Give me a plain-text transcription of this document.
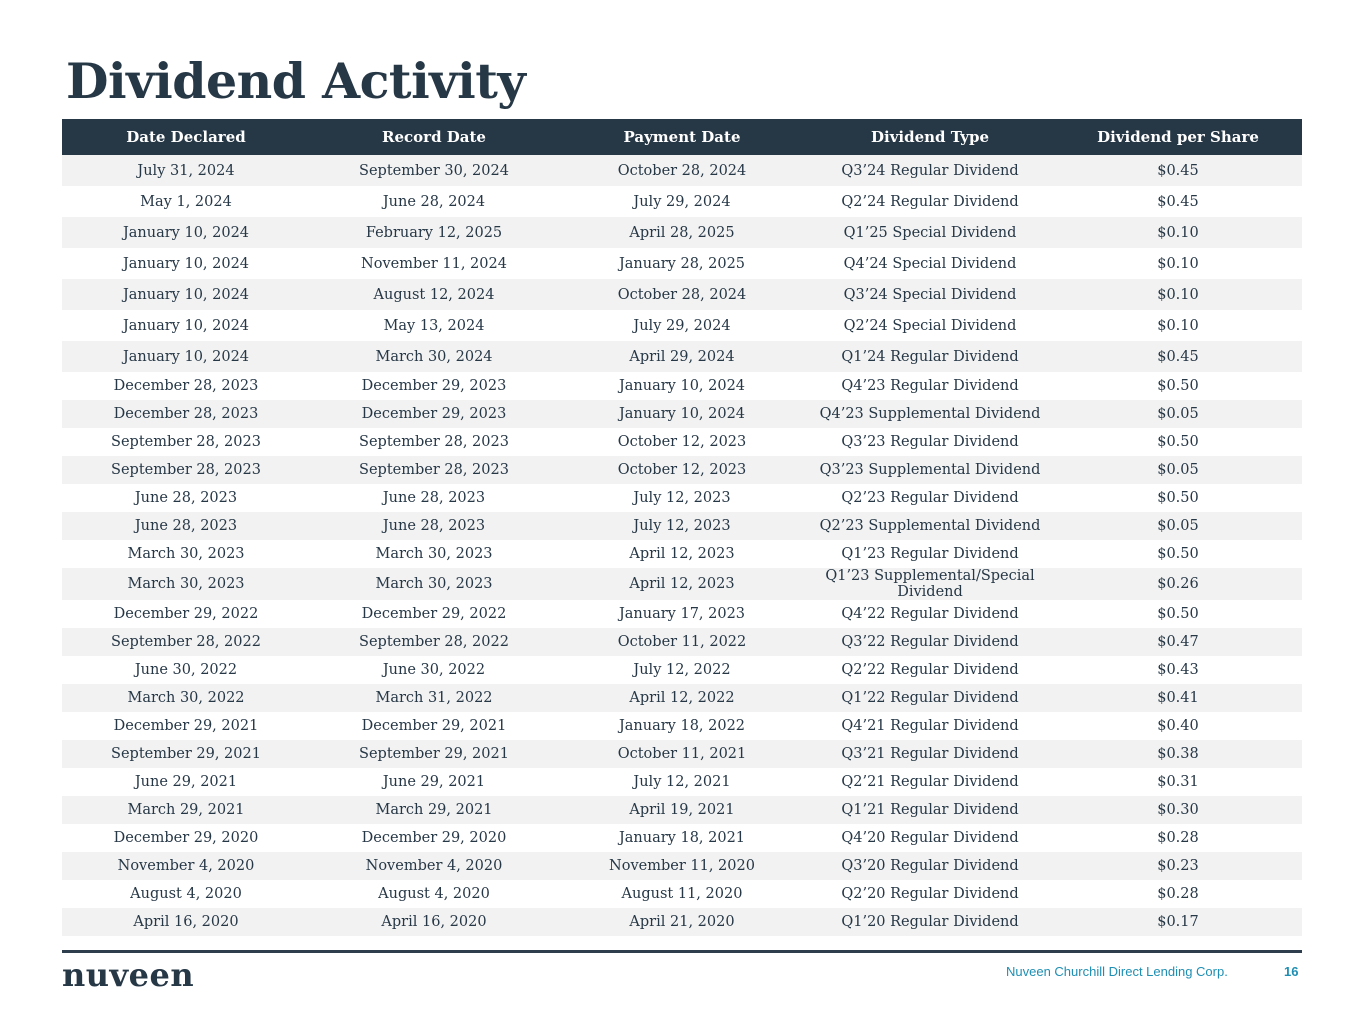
Dividend Activity
Date Declared	Record Date	Payment Date	Dividend Type	Dividend per Share
July 31, 2024	September 30, 2024	October 28, 2024	Q3’24 Regular Dividend	$0.45
May 1, 2024	June 28, 2024	July 29, 2024	Q2’24 Regular Dividend	$0.45
January 10, 2024	February 12, 2025	April 28, 2025	Q1’25 Special Dividend	$0.10
January 10, 2024	November 11, 2024	January 28, 2025	Q4’24 Special Dividend	$0.10
January 10, 2024	August 12, 2024	October 28, 2024	Q3’24 Special Dividend	$0.10
January 10, 2024	May 13, 2024	July 29, 2024	Q2’24 Special Dividend	$0.10
January 10, 2024	March 30, 2024	April 29, 2024	Q1’24 Regular Dividend	$0.45
December 28, 2023	December 29, 2023	January 10, 2024	Q4’23 Regular Dividend	$0.50
December 28, 2023	December 29, 2023	January 10, 2024	Q4’23 Supplemental Dividend	$0.05
September 28, 2023	September 28, 2023	October 12, 2023	Q3’23 Regular Dividend	$0.50
September 28, 2023	September 28, 2023	October 12, 2023	Q3’23 Supplemental Dividend	$0.05
June 28, 2023	June 28, 2023	July 12, 2023	Q2’23 Regular Dividend	$0.50
June 28, 2023	June 28, 2023	July 12, 2023	Q2’23 Supplemental Dividend	$0.05
March 30, 2023	March 30, 2023	April 12, 2023	Q1’23 Regular Dividend	$0.50
March 30, 2023	March 30, 2023	April 12, 2023	Q1’23 Supplemental/Special Dividend	$0.26
December 29, 2022	December 29, 2022	January 17, 2023	Q4’22 Regular Dividend	$0.50
September 28, 2022	September 28, 2022	October 11, 2022	Q3’22 Regular Dividend	$0.47
June 30, 2022	June 30, 2022	July 12, 2022	Q2’22 Regular Dividend	$0.43
March 30, 2022	March 31, 2022	April 12, 2022	Q1’22 Regular Dividend	$0.41
December 29, 2021	December 29, 2021	January 18, 2022	Q4’21 Regular Dividend	$0.40
September 29, 2021	September 29, 2021	October 11, 2021	Q3’21 Regular Dividend	$0.38
June 29, 2021	June 29, 2021	July 12, 2021	Q2’21 Regular Dividend	$0.31
March 29, 2021	March 29, 2021	April 19, 2021	Q1’21 Regular Dividend	$0.30
December 29, 2020	December 29, 2020	January 18, 2021	Q4’20 Regular Dividend	$0.28
November 4, 2020	November 4, 2020	November 11, 2020	Q3’20 Regular Dividend	$0.23
August 4, 2020	August 4, 2020	August 11, 2020	Q2’20 Regular Dividend	$0.28
April 16, 2020	April 16, 2020	April 21, 2020	Q1’20 Regular Dividend	$0.17
nuveen	Nuveen Churchill Direct Lending Corp.	16
